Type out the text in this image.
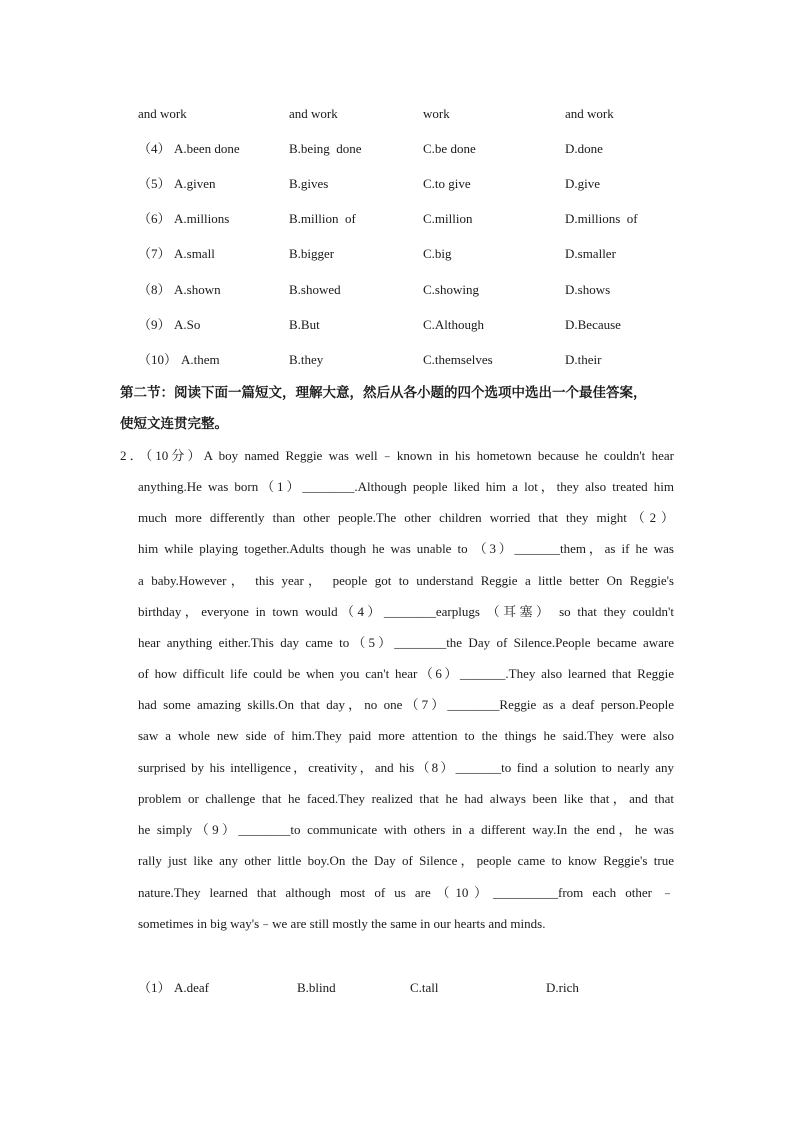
and work	and work	work	and work
（4） A.been done	B.being  done	C.be done	D.done
（5） A.given	B.gives	C.to give	D.give
（6） A.millions	B.million  of	C.million	D.millions  of
（7） A.small	B.bigger	C.big	D.smaller
（8） A.shown	B.showed	C.showing	D.shows
（9） A.So	B.But	C.Although	D.Because
（10） A.them	B.they	C.themselves	D.their
第二节：阅读下面一篇短文，理解大意，然后从各小题的四个选项中选出一个最佳答案，
使短文连贯完整。
2．（10分）A boy named Reggie was well﹣known in his hometown because he couldn't hear
anything.He was born（1）________.Although people liked him a lot，they also treated him
much more differently than other people.The other children worried that they might（2）
him while playing together.Adults though he was unable to （3）_______them，as if he was
a baby.However， this year， people got to understand Reggie a little better On Reggie's
birthday，everyone in town would（4）________earplugs （耳塞） so that they couldn't
hear anything either.This day came to（5）________the Day of Silence.People became aware
of how difficult life could be when you can't hear（6）_______.They also learned that Reggie
had some amazing skills.On that day，no one（7）________Reggie as a deaf person.People
saw a whole new side of him.They paid more attention to the things he said.They were also
surprised by his intelligence，creativity，and his（8）_______to find a solution to nearly any
problem or challenge that he faced.They realized that he had always been like that，and that
he simply（9）________to communicate with others in a different way.In the end，he was
rally just like any other little boy.On the Day of Silence，people came to know Reggie's true
nature.They learned that although most of us are（10）__________from each other ﹣
sometimes in big way's﹣we are still mostly the same in our hearts and minds.
（1） A.deaf	B.blind	C.tall	D.rich
